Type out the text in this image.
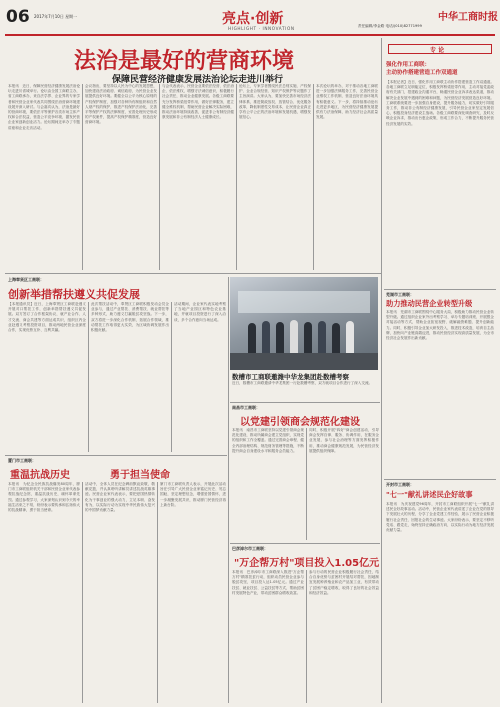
06 2017年7月10日 星期一	亮点·创新
HIGHLIGHT · INNOVATION
中华工商时报
责任编辑/李金路 电话/(010)82771999
法治是最好的营商环境
保障民营经济健康发展法治论坛走进川举行
本报讯　近日，保障民营经济健康发展法治论坛走进川省城举行。论坛由全国工商联主办，省工商联承办，来自法学界、企业界的专家学者和民营企业家代表共同围绕法治营商环境建设展开深入研讨。与会嘉宾认为，法治是最好的营商环境，要依法平等保护各类市场主体产权和合法权益，营造公平竞争环境，激发民营企业家创新创业活力。论坛期间还举办了专题讲座和企业走访活动。
会议指出，要坚持以人民为中心的发展思想，加快建设法治政府、诚信政府，为民营企业发展提供良好环境。要健全以公平为核心原则的产权保护制度，加强对各种所有制组织和自然人财产权的保护，推进产权保护法治化，完善平等保护产权的法律制度，妥善处理历史形成的产权案件，提高产权保护精准度，营造良好营商环境。
与会代表表示，民营企业要依法经营、依法治企、依法维权，增强守法诚信意识，积极履行社会责任，推动企业健康发展。各级工商联要充分发挥桥梁纽带作用，做好法律服务，建立健全维权机制，帮助民营企业解决实际困难，推动法治环境持续改善，促进非公有制经济健康发展和非公有制经济人士健康成长。
论坛上，专家学者围绕民法总则实施、产权保护、企业合规经营、知识产权保护等议题作了主旨演讲。大家认为，要加快完善市场经济法律体系，推进简政放权、放管结合、优化服务改革，降低制度性交易成本，让民营企业真正享有公平公正的法治环境和发展机遇，增强发展信心。
本次论坛的举办，对于推动各地工商联进一步加强法律服务工作，完善民营企业维权工作机制，营造良好法治环境具有积极意义。下一步，将持续推动论坛走进更多地区，为民营经济健康发展提供有力法治保障，助力经济社会高质量发展。
专 论
强化作用工商联：
主动协作搭建营造工作双通道
【本报记者】近日，强化作用工商联主动协作搭建营造工作双通道。各地工商联立足职能定位，积极发挥桥梁纽带作用，主动对接党委政府有关部门，搭建政企沟通平台，畅通民营企业诉求表达渠道，推动解决企业发展中遇到的困难和问题，为民营经济发展营造良好环境。工商联系统要进一步加强自身建设，提升服务能力，切实做好引导服务工作，推动非公有制经济健康发展，引导民营企业家坚定发展信心，积极投身经济建设主战场。各级工商联要深化调查研究，及时反映企业诉求，推动出台惠企政策，形成工作合力，不断提升服务民营经济发展的实效。
芜湖市工商联：
助力推动民营企业转型升级
本报讯　芜湖市工商联围绕中心服务大局，积极助力推动民营企业转型升级。通过组织企业家外出考察学习、举办专题培训班、开展银企对接活动等方式，帮助企业拓宽视野、破解融资难题、提升创新能力。同时，积极引导企业加大研发投入，推进技术改造，培育自主品牌，加快向产业链高端迈进，推动民营经济实现高质量发展，为全市经济社会发展作出新贡献。
开封市工商联：
"七一"献礼讲述民企好故事
本报讯　为庆祝建党96周年，开封市工商联组织开展"七一"献礼讲述民企好故事活动。活动中，民营企业家代表讲述了企业在党的领导下发展壮大的历程，分享了企业党建工作经验，展示了民营企业积极履行社会责任、回报社会的生动事迹。大家纷纷表示，要坚定不移听党话、跟党走，始终坚持正确政治方向，以实际行动为地方经济发展贡献力量。
上海奉贤区工商联：
创新举措帮扶遵义共促发展
【本报通讯员】近日，上海奉贤区工商联赴遵义开展对口帮扶工作，创新举措帮扶遵义共促发展。双方签订了合作框架协议，就产业合作、人才交流、商会共建等方面达成共识，组织区内企业赴遵义考察投资项目，推动两地民营企业深度合作，实现优势互补、互利共赢。
此次帮扶活动中，奉贤区工商联积极发动会员企业参与，通过产业帮扶、消费帮扶、就业帮扶等多种形式，助力遵义打赢脱贫攻坚战。下一步，双方将进一步深化合作机制，拓展合作领域，推动帮扶工作取得更大实效，为区域协调发展作出积极贡献。
活动期间，企业家代表实地考察了当地产业园区和特色农业基地，并就项目投资进行了深入洽谈，多个合作意向当场达成。
数槽市工商联邀潍中华龙集团赴数槽考察
近日，数槽市工商联邀请中华龙集团一行赴数槽考察，双方就项目合作进行了深入交流。
南昌市工商联：
以党建引领商会规范化建设
本报讯　南昌市工商联坚持以党建引领商会规范化建设，推动所属商会建立党组织，实现党的组织和工作全覆盖。通过完善商会章程、健全内部治理结构、规范财务管理等措施，不断提升商会自身建设水平和服务会员能力。
同时，积极开展"四好"商会创建活动，引导商会发挥自律、服务、协调作用，在服务企业发展、参与社会治理等方面发挥积极作用，推动商会健康规范发展，为民营经济发展提供组织保障。
巴彦淖尔市工商联：
"万企帮万村"项目投入1.05亿元
本报讯　巴彦淖尔市工商联深入推进"万企帮万村"精准扶贫行动，组织动员民营企业参与脱贫攻坚，项目投入达1.05亿元。通过产业扶贫、就业扶贫、公益扶贫等方式，帮助贫困村发展特色产业，带动贫困群众增收致富。
参与行动的民营企业积极履行社会责任，结合自身优势与贫困村开展结对帮扶，因地制宜发展种养殖业和农产品加工业，有效带动了贫困户稳定增收，取得了良好的社会效益和经济效益。
厦门市工商联：
重温抗战历史	勇于担当使命
本报讯　为纪念全民族抗战爆发80周年，厦门市工商联组织机关干部和民营企业家代表参观抗战纪念馆，重温抗战历史，缅怀革命先烈。通过参观学习，大家深刻认识到今天的幸福生活来之不易，纷纷表示要传承和弘扬伟大的抗战精神，勇于担当使命。
活动中，全体人员在纪念碑前默哀致敬，敬献花篮，并认真聆听讲解员讲述抗战英雄事迹。民营企业家代表表示，要把爱国热情转化为干事创业的强大动力，立足本职、奋发有为，以实际行动为实现中华民族伟大复兴的中国梦贡献力量。
厦门市工商联负责人表示，开展此次活动旨在引导广大民营企业家铭记历史、勿忘国耻，坚定理想信念，增强爱国情怀，进一步凝聚发展共识，推动厦门民营经济再上新台阶。
